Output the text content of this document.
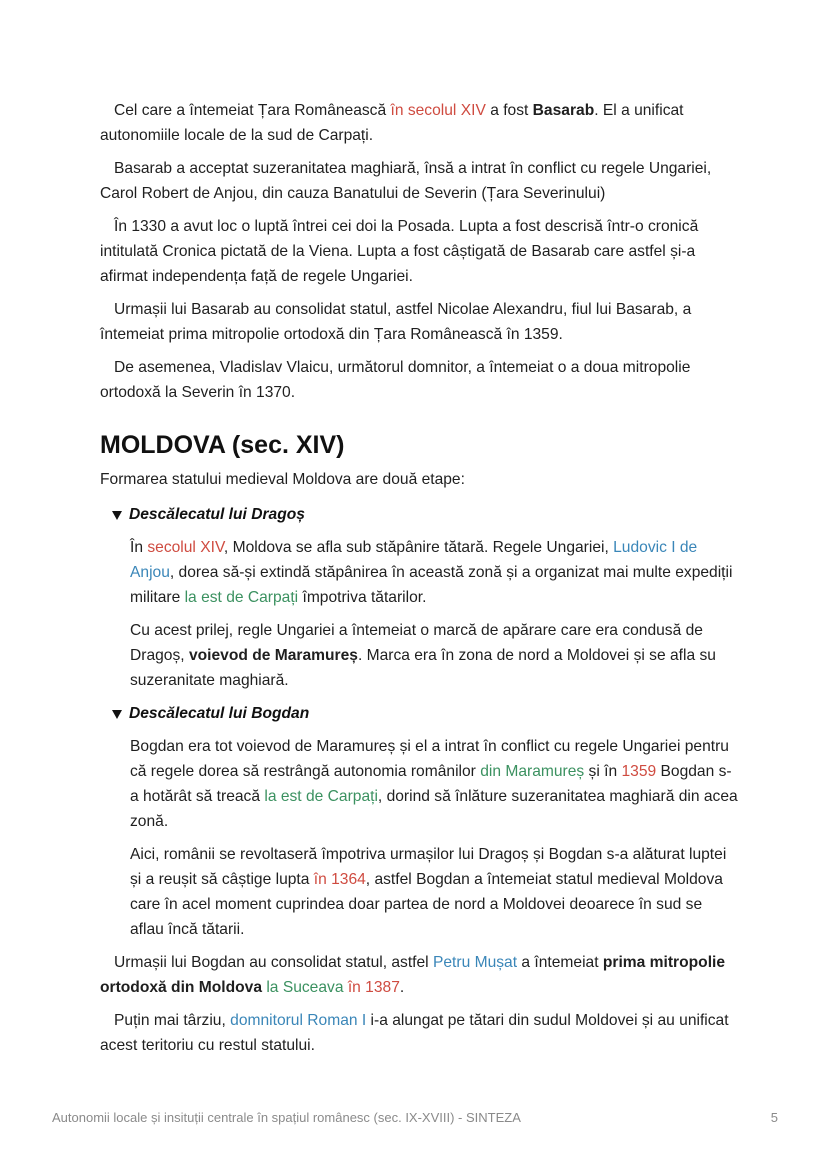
Cel care a întemeiat Țara Românească în secolul XIV a fost Basarab. El a unificat autonomiile locale de la sud de Carpați.

Basarab a acceptat suzeranitatea maghiară, însă a intrat în conflict cu regele Ungariei, Carol Robert de Anjou, din cauza Banatului de Severin (Țara Severinului)

În 1330 a avut loc o luptă întrei cei doi la Posada. Lupta a fost descrisă într-o cronică intitulată Cronica pictată de la Viena. Lupta a fost câștigată de Basarab care astfel și-a afirmat independența față de regele Ungariei.

Urmașii lui Basarab au consolidat statul, astfel Nicolae Alexandru, fiul lui Basarab, a întemeiat prima mitropolie ortodoxă din Țara Românească în 1359.

De asemenea, Vladislav Vlaicu, următorul domnitor, a întemeiat o a doua mitropolie ortodoxă la Severin în 1370.

MOLDOVA (sec. XIV)

Formarea statului medieval Moldova are două etape:

Descălecatul lui Dragoș

În secolul XIV, Moldova se afla sub stăpânire tătară. Regele Ungariei, Ludovic I de Anjou, dorea să-și extindă stăpânirea în această zonă și a organizat mai multe expediții militare la est de Carpați împotriva tătarilor.

Cu acest prilej, regle Ungariei a întemeiat o marcă de apărare care era condusă de Dragoș, voievod de Maramureș. Marca era în zona de nord a Moldovei și se afla su suzeranitate maghiară.

Descălecatul lui Bogdan

Bogdan era tot voievod de Maramureș și el a intrat în conflict cu regele Ungariei pentru că regele dorea să restrângă autonomia românilor din Maramureș și în 1359 Bogdan s-a hotărât să treacă la est de Carpați, dorind să înlăture suzeranitatea maghiară din acea zonă.

Aici, românii se revoltaseră împotriva urmașilor lui Dragoș și Bogdan s-a alăturat luptei și a reușit să câștige lupta în 1364, astfel Bogdan a întemeiat statul medieval Moldova care în acel moment cuprindea doar partea de nord a Moldovei deoarece în sud se aflau încă tătarii.

Urmașii lui Bogdan au consolidat statul, astfel Petru Mușat a întemeiat prima mitropolie ortodoxă din Moldova la Suceava în 1387.

Puțin mai târziu, domnitorul Roman I i-a alungat pe tătari din sudul Moldovei și au unificat acest teritoriu cu restul statului.

Autonomii locale și insituții centrale în spațiul românesc (sec. IX-XVIII) - SINTEZA	5
